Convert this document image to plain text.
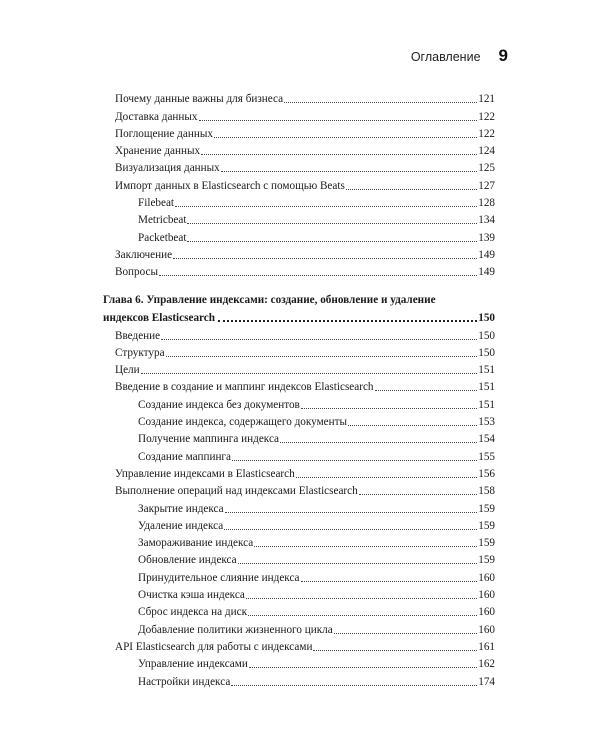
Оглавление 9
Почему данные важны для бизнеса	121
Доставка данных	122
Поглощение данных	122
Хранение данных	124
Визуализация данных	125
Импорт данных в Elasticsearch с помощью Beats	127
Filebeat	128
Metricbeat	134
Packetbeat	139
Заключение	149
Вопросы	149
Глава 6. Управление индексами: создание, обновление и удаление
индексов Elasticsearch	150
Введение	150
Структура	150
Цели	151
Введение в создание и маппинг индексов Elasticsearch	151
Создание индекса без документов	151
Создание индекса, содержащего документы	153
Получение маппинга индекса	154
Создание маппинга	155
Управление индексами в Elasticsearch	156
Выполнение операций над индексами Elasticsearch	158
Закрытие индекса	159
Удаление индекса	159
Замораживание индекса	159
Обновление индекса	159
Принудительное слияние индекса	160
Очистка кэша индекса	160
Сброс индекса на диск	160
Добавление политики жизненного цикла	160
API Elasticsearch для работы с индексами	161
Управление индексами	162
Настройки индекса	174
